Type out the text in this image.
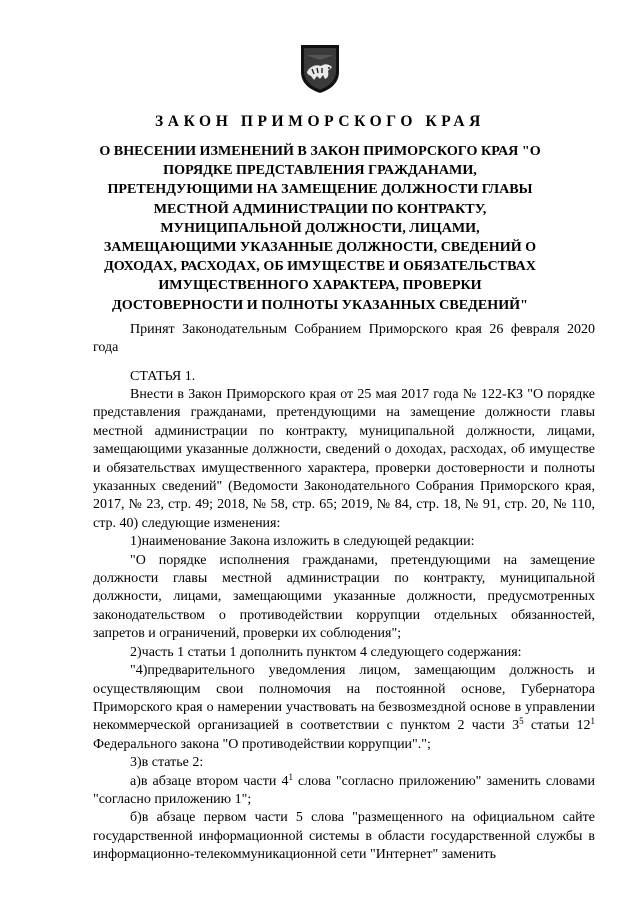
ЗАКОН ПРИМОРСКОГО КРАЯ
О ВНЕСЕНИИ ИЗМЕНЕНИЙ В ЗАКОН ПРИМОРСКОГО КРАЯ "О ПОРЯДКЕ ПРЕДСТАВЛЕНИЯ ГРАЖДАНАМИ, ПРЕТЕНДУЮЩИМИ НА ЗАМЕЩЕНИЕ ДОЛЖНОСТИ ГЛАВЫ МЕСТНОЙ АДМИНИСТРАЦИИ ПО КОНТРАКТУ, МУНИЦИПАЛЬНОЙ ДОЛЖНОСТИ, ЛИЦАМИ, ЗАМЕЩАЮЩИМИ УКАЗАННЫЕ ДОЛЖНОСТИ, СВЕДЕНИЙ О ДОХОДАХ, РАСХОДАХ, ОБ ИМУЩЕСТВЕ И ОБЯЗАТЕЛЬСТВАХ ИМУЩЕСТВЕННОГО ХАРАКТЕРА, ПРОВЕРКИ ДОСТОВЕРНОСТИ И ПОЛНОТЫ УКАЗАННЫХ СВЕДЕНИЙ"
Принят Законодательным Собранием Приморского края 26 февраля 2020 года
СТАТЬЯ 1.

Внести в Закон Приморского края от 25 мая 2017 года № 122-КЗ "О порядке представления гражданами, претендующими на замещение должности главы местной администрации по контракту, муниципальной должности, лицами, замещающими указанные должности, сведений о доходах, расходах, об имуществе и обязательствах имущественного характера, проверки достоверности и полноты указанных сведений" (Ведомости Законодательного Собрания Приморского края, 2017, № 23, стр. 49; 2018, № 58, стр. 65; 2019, № 84, стр. 18, № 91, стр. 20, № 110, стр. 40) следующие изменения:

1)наименование Закона изложить в следующей редакции:

"О порядке исполнения гражданами, претендующими на замещение должности главы местной администрации по контракту, муниципальной должности, лицами, замещающими указанные должности, предусмотренных законодательством о противодействии коррупции отдельных обязанностей, запретов и ограничений, проверки их соблюдения";

2)часть 1 статьи 1 дополнить пунктом 4 следующего содержания:

"4)предварительного уведомления лицом, замещающим должность и осуществляющим свои полномочия на постоянной основе, Губернатора Приморского края о намерении участвовать на безвозмездной основе в управлении некоммерческой организацией в соответствии с пунктом 2 части $3^5$ статьи $12^1$ Федерального закона "О противодействии коррупции".";

3)в статье 2:

а)в абзаце втором части $4^1$ слова "согласно приложению" заменить словами "согласно приложению 1";

б)в абзаце первом части 5 слова "размещенного на официальном сайте государственной информационной системы в области государственной службы в информационно-телекоммуникационной сети "Интернет" заменить
